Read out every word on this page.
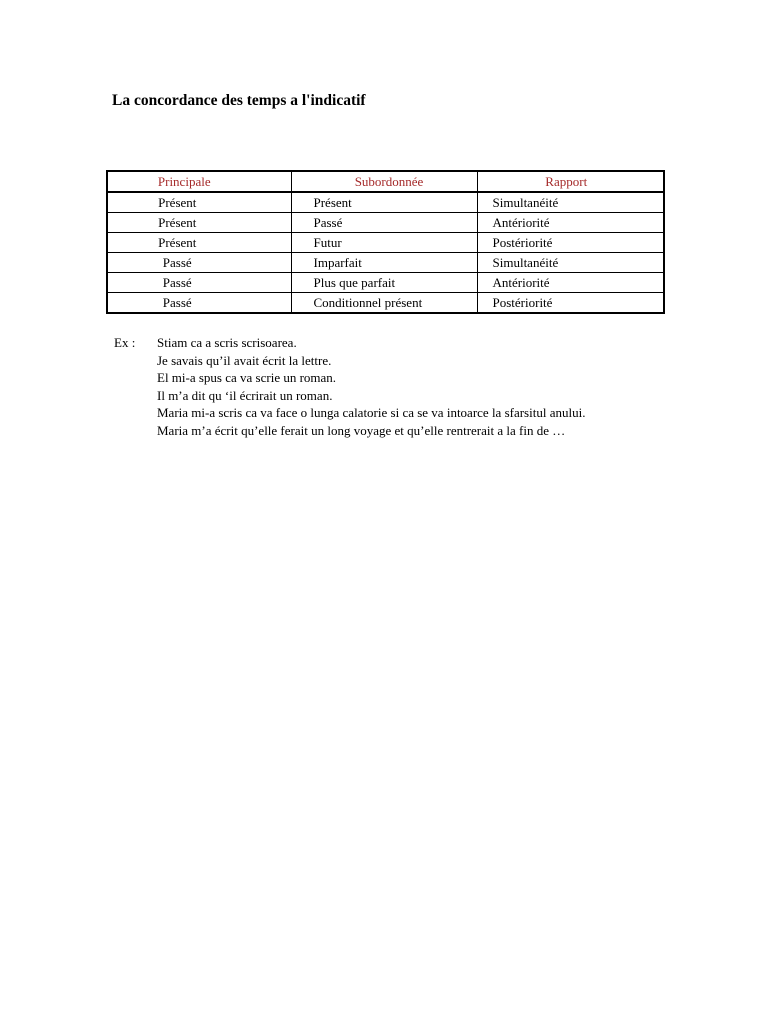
La concordance des temps a l'indicatif
Principale	Subordonnée	Rapport
Présent	Présent	Simultanéité
Présent	Passé	Antériorité
Présent	Futur	Postériorité
Passé	Imparfait	Simultanéité
Passé	Plus que parfait	Antériorité
Passé	Conditionnel présent	Postériorité
Ex : Stiam ca a scris scrisoarea.
Je savais qu’il avait écrit la lettre.
El mi-a spus ca va scrie un roman.
Il m’a dit qu ‘il écrirait un roman.
Maria mi-a scris ca va face o lunga calatorie si ca se va intoarce la sfarsitul anului.
Maria m’a écrit qu’elle ferait un long voyage et qu’elle rentrerait a la fin de …
